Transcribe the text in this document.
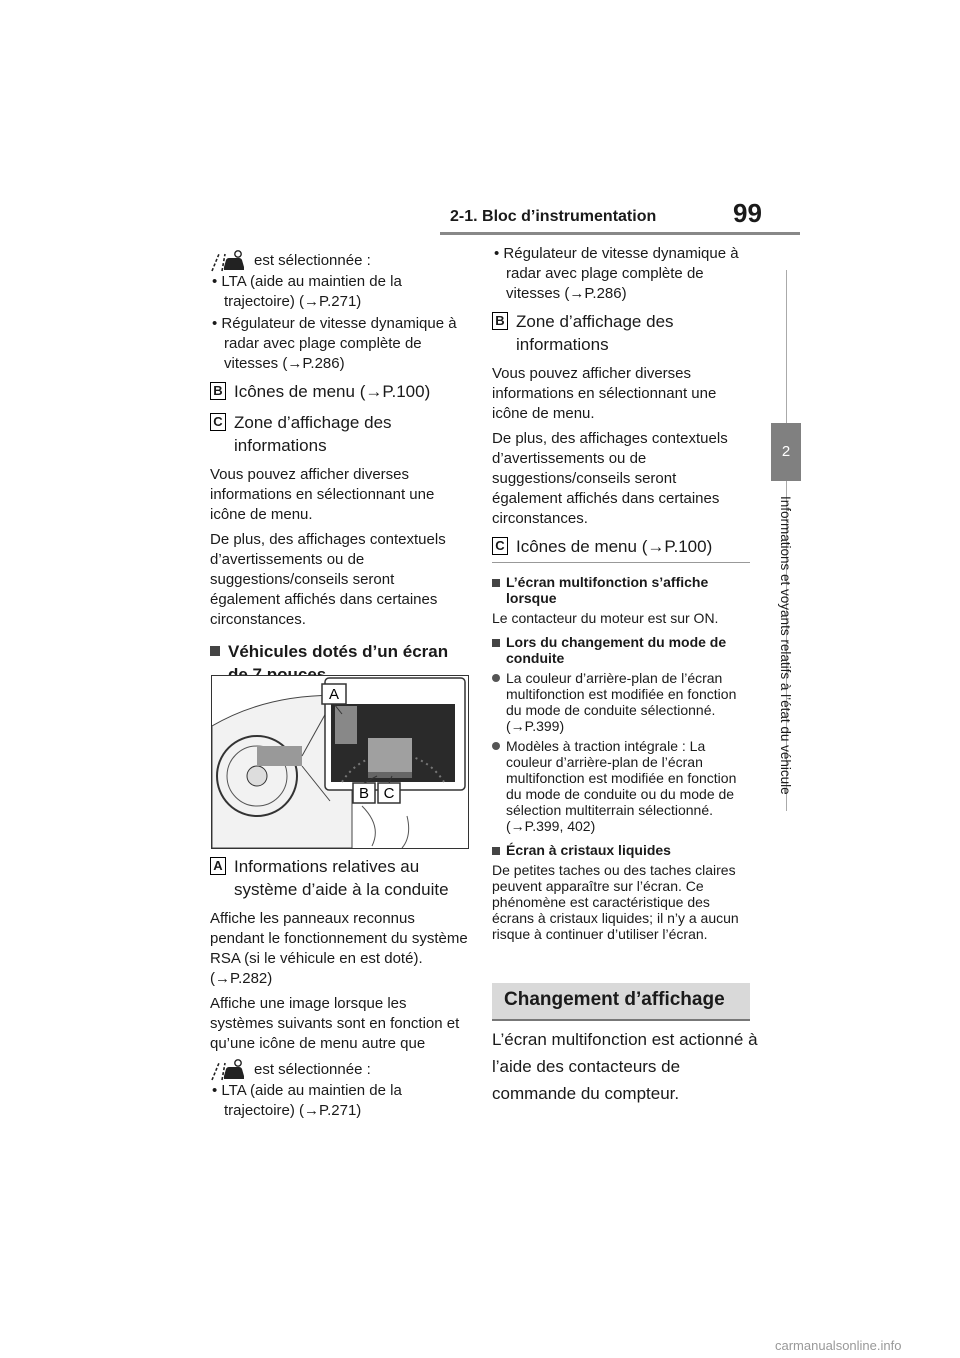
2-1. Bloc d’instrumentation	99
2
Informations et voyants relatifs à l’état du véhicule
est sélectionnée :

• LTA (aide au maintien de la trajectoire) (→P.271)

• Régulateur de vitesse dynamique à radar avec plage complète de vitesses (→P.286)

B Icônes de menu (→P.100)
C Zone d’affichage des informations

Vous pouvez afficher diverses informations en sélectionnant une icône de menu.

De plus, des affichages contextuels d’avertissements ou de suggestions/conseils seront également affichés dans certaines circonstances.

Véhicules dotés d’un écran
A
B C
A Informations relatives au système d’aide à la conduite

Affiche les panneaux reconnus pendant le fonctionnement du système RSA (si le véhicule en est doté). (→P.282)

Affiche une image lorsque les systèmes suivants sont en fonction et qu’une icône de menu autre que

est sélectionnée :

• LTA (aide au maintien de la trajectoire) (→P.271)

• Régulateur de vitesse dynamique à radar avec plage complète de vitesses (→P.286)

B Zone d’affichage des informations

Vous pouvez afficher diverses informations en sélectionnant une icône de menu.

De plus, des affichages contextuels d’avertissements ou de suggestions/conseils seront également affichés dans certaines circonstances.

C Icônes de menu (→P.100)
L’écran multifonction s’affiche lorsque

Le contacteur du moteur est sur ON.

Lors du changement du mode de conduite
La couleur d’arrière-plan de l’écran multifonction est modifiée en fonction du mode de conduite sélectionné. (→P.399)
Modèles à traction intégrale : La couleur d’arrière-plan de l’écran multifonction est modifiée en fonction du mode de conduite ou du mode de sélection multiterrain sélectionné. (→P.399, 402)
Écran à cristaux liquides

De petites taches ou des taches claires peuvent apparaître sur l’écran. Ce phénomène est caractéristique des écrans à cristaux liquides; il n’y a aucun risque à continuer d’utiliser l’écran.

Changement d’affichage
L’écran multifonction est actionné à l’aide des contacteurs de commande du compteur.
carmanualsonline.info
